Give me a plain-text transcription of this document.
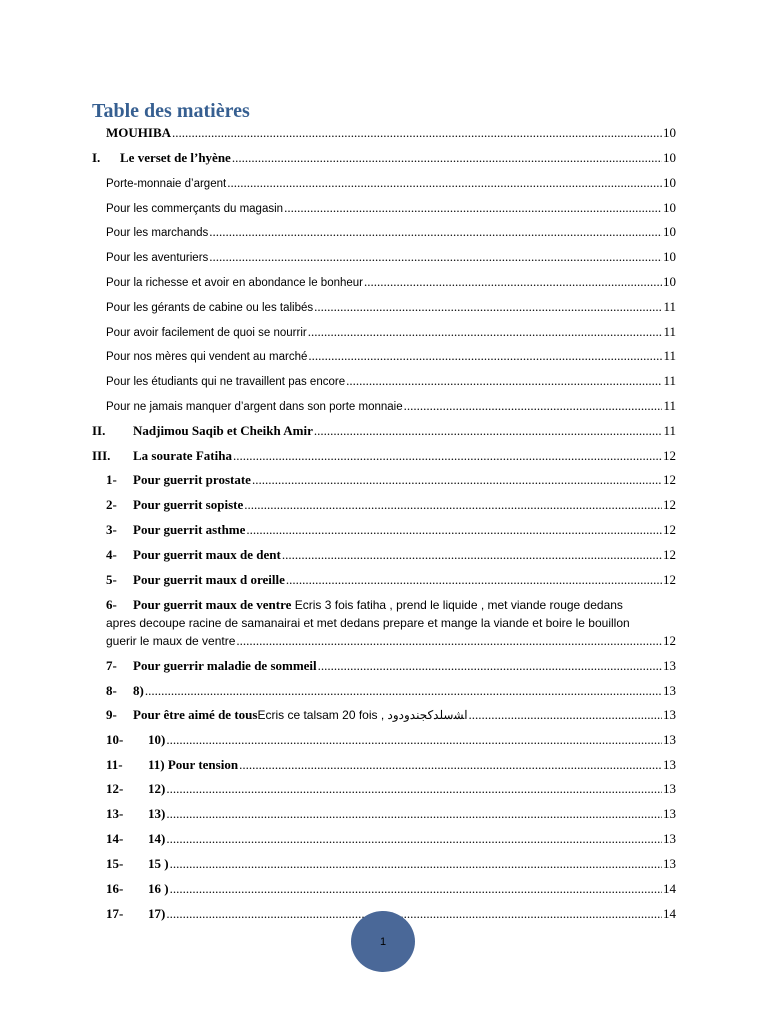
Table des matières
MOUHIBA .....	10
I. Le verset de l’hyène .....	10
Porte-monnaie d’argent .....	10
Pour les commerçants du magasin .....	10
Pour les marchands .....	10
Pour les aventuriers .....	10
Pour la richesse et avoir en abondance le bonheur .....	10
Pour les gérants de cabine ou les talibés .....	11
Pour avoir facilement de quoi se nourrir .....	11
Pour nos mères qui vendent au marché .....	11
Pour les étudiants qui ne travaillent pas encore .....	11
Pour ne jamais manquer d’argent dans son porte monnaie .....	11
II. Nadjimou Saqib et Cheikh Amir .....	11
III. La sourate Fatiha .....	12
1- Pour guerrit prostate .....	12
2- Pour guerrit sopiste .....	12
3- Pour guerrit asthme .....	12
4- Pour guerrit maux de dent .....	12
5- Pour guerrit maux d oreille .....	12
6- Pour guerrit maux de ventre Ecris 3 fois fatiha , prend le liquide , met viande rouge dedans
apres decoupe racine de samanairai et met dedans prepare et mange la viande et boire le bouillon
guerir le maux de ventre .....	12
7- Pour guerrir maladie de sommeil .....	13
8- 8) .....	13
9- Pour être aimé de tous Ecris ce talsam 20 fois , ﺍﺸﺳﻠﺪﮐﺠﻨﺪﻭﺩﻭﺩ .....	13
10- 10) .....	13
11- 11) Pour tension .....	13
12- 12) .....	13
13- 13) .....	13
14- 14) .....	13
15- 15 ) .....	13
16- 16 ) .....	14
17- 17) .....	14
1
